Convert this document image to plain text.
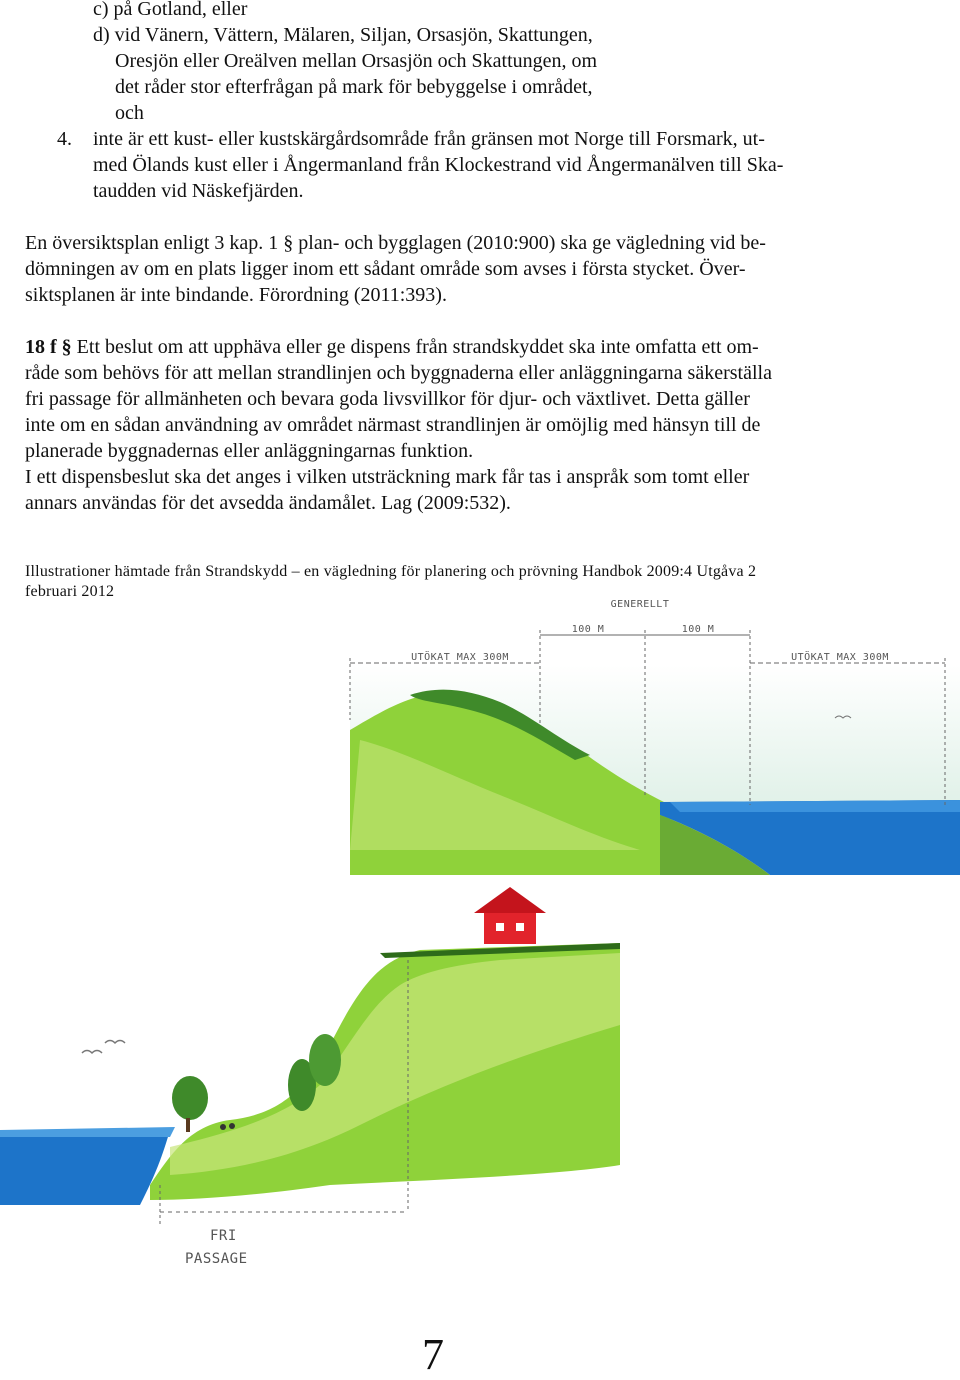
c) på Gotland, eller
d) vid Vänern, Vättern, Mälaren, Siljan, Orsasjön, Skattungen,
Oresjön eller Oreälven mellan Orsasjön och Skattungen, om
det råder stor efterfrågan på mark för bebyggelse i området,
och
4. inte är ett kust- eller kustskärgårdsområde från gränsen mot Norge till Forsmark, ut-
med Ölands kust eller i Ångermanland från Klockestrand vid Ångermanälven till Ska-
taudden vid Näskefjärden.
En översiktsplan enligt 3 kap. 1 § plan- och bygglagen (2010:900) ska ge vägledning vid be-
dömningen av om en plats ligger inom ett sådant område som avses i första stycket. Över-
siktsplanen är inte bindande. Förordning (2011:393).
18 f § Ett beslut om att upphäva eller ge dispens från strandskyddet ska inte omfatta ett om-
råde som behövs för att mellan strandlinjen och byggnaderna eller anläggningarna säkerställa
fri passage för allmänheten och bevara goda livsvillkor för djur- och växtlivet. Detta gäller
inte om en sådan användning av området närmast strandlinjen är omöjlig med hänsyn till de
planerade byggnadernas eller anläggningarnas funktion.
I ett dispensbeslut ska det anges i vilken utsträckning mark får tas i anspråk som tomt eller
annars användas för det avsedda ändamålet. Lag (2009:532).
Illustrationer hämtade från Strandskydd – en vägledning för planering och prövning Handbok 2009:4 Utgåva 2
februari 2012
GENERELLT
100 M	100 M
UTÖKAT MAX 300M	UTÖKAT MAX 300M
FRI
PASSAGE
7
